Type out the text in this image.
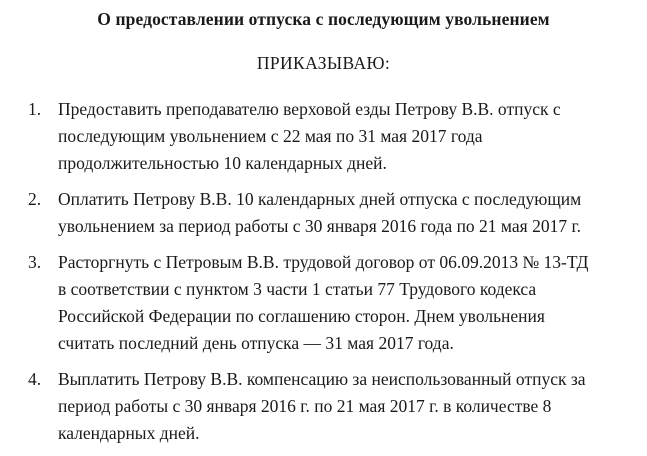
О предоставлении отпуска с последующим увольнением
ПРИКАЗЫВАЮ:
1. Предоставить преподавателю верховой езды Петрову В.В. отпуск с
последующим увольнением с 22 мая по 31 мая 2017 года
продолжительностью 10 календарных дней.
2. Оплатить Петрову В.В. 10 календарных дней отпуска с последующим
увольнением за период работы с 30 января 2016 года по 21 мая 2017 г.
3. Расторгнуть с Петровым В.В. трудовой договор от 06.09.2013 № 13-ТД
в соответствии с пунктом 3 части 1 статьи 77 Трудового кодекса
Российской Федерации по соглашению сторон. Днем увольнения
считать последний день отпуска — 31 мая 2017 года.
4. Выплатить Петрову В.В. компенсацию за неиспользованный отпуск за
период работы с 30 января 2016 г. по 21 мая 2017 г. в количестве 8
календарных дней.
